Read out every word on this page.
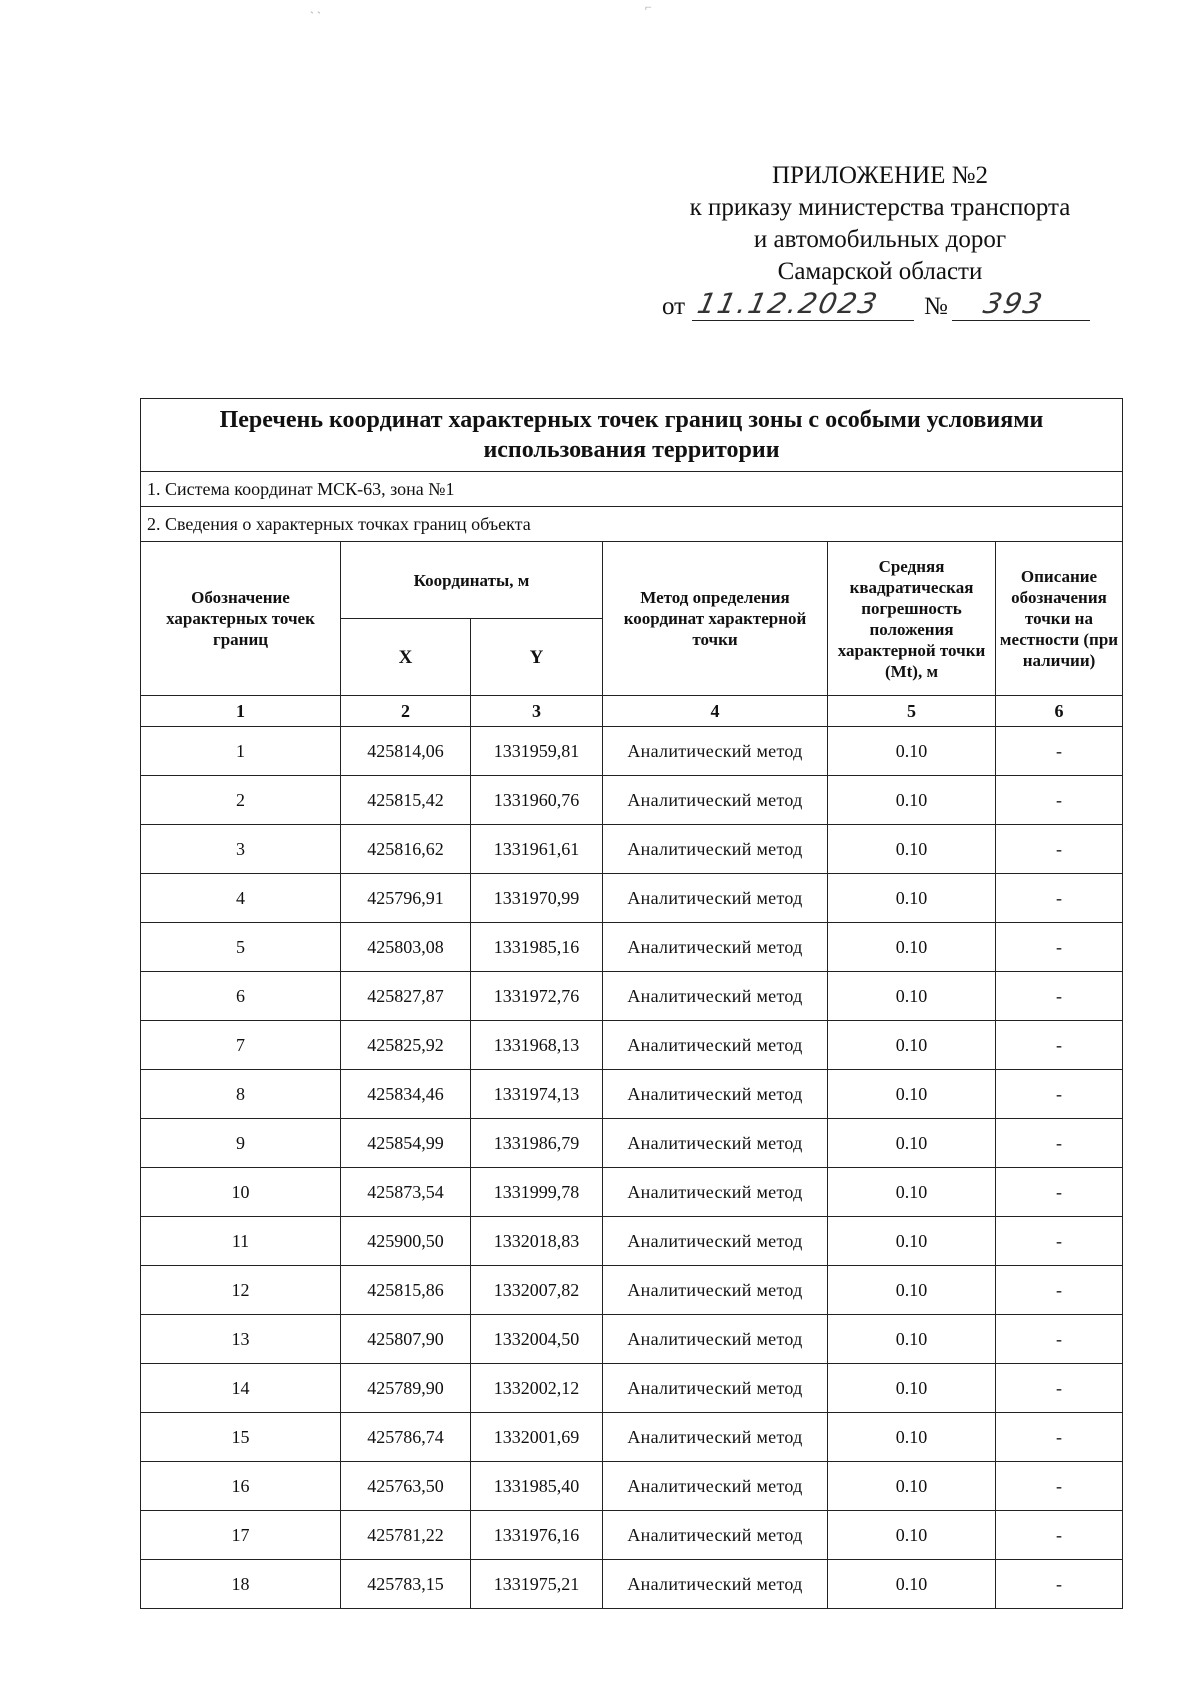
ˏ ˎ	⌐
ПРИЛОЖЕНИЕ №2
к приказу министерства транспорта
и автомобильных дорог
Самарской области
от 11.12.2023 № 393
Перечень координат характерных точек границ зоны с особыми условиями использования территории					
1. Система координат МСК-63, зона №1					
2. Сведения о характерных точках границ объекта					
Обозначение характерных точек границ	Координаты, м		Метод определения координат характерной точки	Средняя квадратическая погрешность положения характерной точки (Mt), м	Описание обозначения точки на местности (при наличии)
	X	Y			
1	2	3	4	5	6
1	425814,06	1331959,81	Аналитический метод	0.10	-
2	425815,42	1331960,76	Аналитический метод	0.10	-
3	425816,62	1331961,61	Аналитический метод	0.10	-
4	425796,91	1331970,99	Аналитический метод	0.10	-
5	425803,08	1331985,16	Аналитический метод	0.10	-
6	425827,87	1331972,76	Аналитический метод	0.10	-
7	425825,92	1331968,13	Аналитический метод	0.10	-
8	425834,46	1331974,13	Аналитический метод	0.10	-
9	425854,99	1331986,79	Аналитический метод	0.10	-
10	425873,54	1331999,78	Аналитический метод	0.10	-
11	425900,50	1332018,83	Аналитический метод	0.10	-
12	425815,86	1332007,82	Аналитический метод	0.10	-
13	425807,90	1332004,50	Аналитический метод	0.10	-
14	425789,90	1332002,12	Аналитический метод	0.10	-
15	425786,74	1332001,69	Аналитический метод	0.10	-
16	425763,50	1331985,40	Аналитический метод	0.10	-
17	425781,22	1331976,16	Аналитический метод	0.10	-
18	425783,15	1331975,21	Аналитический метод	0.10	-
